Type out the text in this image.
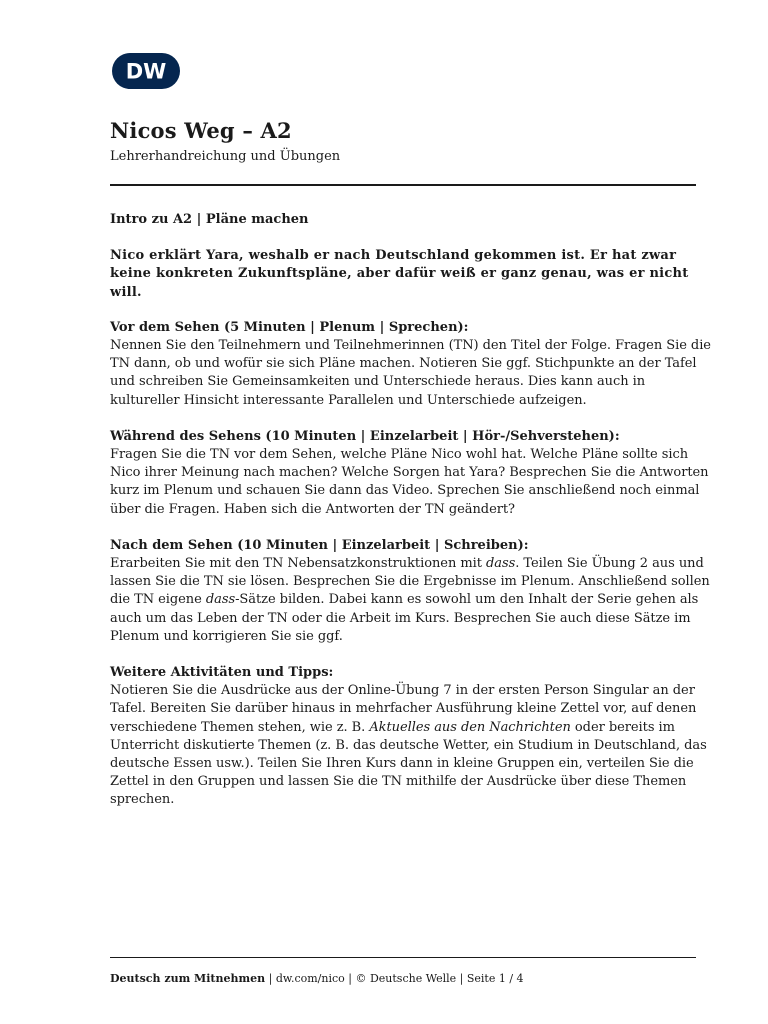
DW
Nicos Weg – A2

Lehrerhandreichung und Übungen

Intro zu A2 | Pläne machen

Nico erklärt Yara, weshalb er nach Deutschland gekommen ist. Er hat zwar keine konkreten Zukunftspläne, aber dafür weiß er ganz genau, was er nicht will.

Vor dem Sehen (5 Minuten | Plenum | Sprechen):

Nennen Sie den Teilnehmern und Teilnehmerinnen (TN) den Titel der Folge. Fragen Sie die TN dann, ob und wofür sie sich Pläne machen. Notieren Sie ggf. Stichpunkte an der Tafel und schreiben Sie Gemeinsamkeiten und Unterschiede heraus. Dies kann auch in kultureller Hinsicht interessante Parallelen und Unterschiede aufzeigen.

Während des Sehens (10 Minuten | Einzelarbeit | Hör-/Sehverstehen):

Fragen Sie die TN vor dem Sehen, welche Pläne Nico wohl hat. Welche Pläne sollte sich Nico ihrer Meinung nach machen? Welche Sorgen hat Yara? Besprechen Sie die Antworten kurz im Plenum und schauen Sie dann das Video. Sprechen Sie anschließend noch einmal über die Fragen. Haben sich die Antworten der TN geändert?

Nach dem Sehen (10 Minuten | Einzelarbeit | Schreiben):

Erarbeiten Sie mit den TN Nebensatzkonstruktionen mit dass. Teilen Sie Übung 2 aus und lassen Sie die TN sie lösen. Besprechen Sie die Ergebnisse im Plenum. Anschließend sollen die TN eigene dass-Sätze bilden. Dabei kann es sowohl um den Inhalt der Serie gehen als auch um das Leben der TN oder die Arbeit im Kurs. Besprechen Sie auch diese Sätze im Plenum und korrigieren Sie sie ggf.

Weitere Aktivitäten und Tipps:

Notieren Sie die Ausdrücke aus der Online-Übung 7 in der ersten Person Singular an der Tafel. Bereiten Sie darüber hinaus in mehrfacher Ausführung kleine Zettel vor, auf denen verschiedene Themen stehen, wie z. B. Aktuelles aus den Nachrichten oder bereits im Unterricht diskutierte Themen (z. B. das deutsche Wetter, ein Studium in Deutschland, das deutsche Essen usw.). Teilen Sie Ihren Kurs dann in kleine Gruppen ein, verteilen Sie die Zettel in den Gruppen und lassen Sie die TN mithilfe der Ausdrücke über diese Themen sprechen.

Deutsch zum Mitnehmen | dw.com/nico | © Deutsche Welle | Seite 1 / 4
